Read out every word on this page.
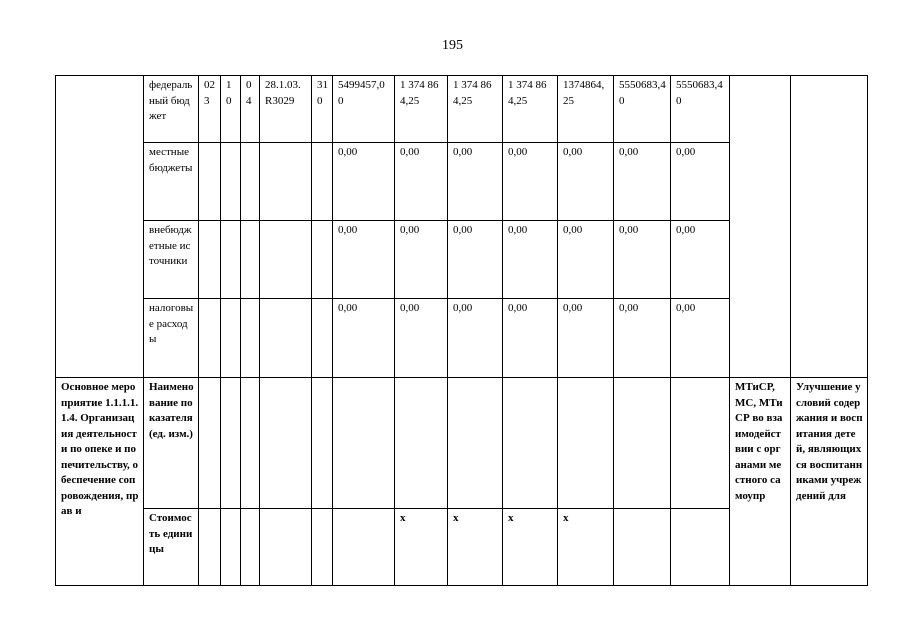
195
	федеральный бюджет	023	10	04	28.1.03.R3029	310	5499457,00	1 374 864,25	1 374 864,25	1 374 864,25	1374864,25	5550683,40	5550683,40		
	местные бюджеты						0,00	0,00	0,00	0,00	0,00	0,00	0,00		
	внебюджетные источники						0,00	0,00	0,00	0,00	0,00	0,00	0,00		
	налоговые расходы						0,00	0,00	0,00	0,00	0,00	0,00	0,00		
Основное мероприятие 1.1.1.1.1.4. Организация деятельности по опеке и попечительству, обеспечение сопровождения, прав и	Наименование показателя (ед. изм.)													МТиСР, МС, МТиСР во взаимодействии с органами местного самоупр	Улучшение условий содержания и воспитания детей, являющихся воспитанниками учреждений для
	Стоимость единицы							х	х	х	х				
